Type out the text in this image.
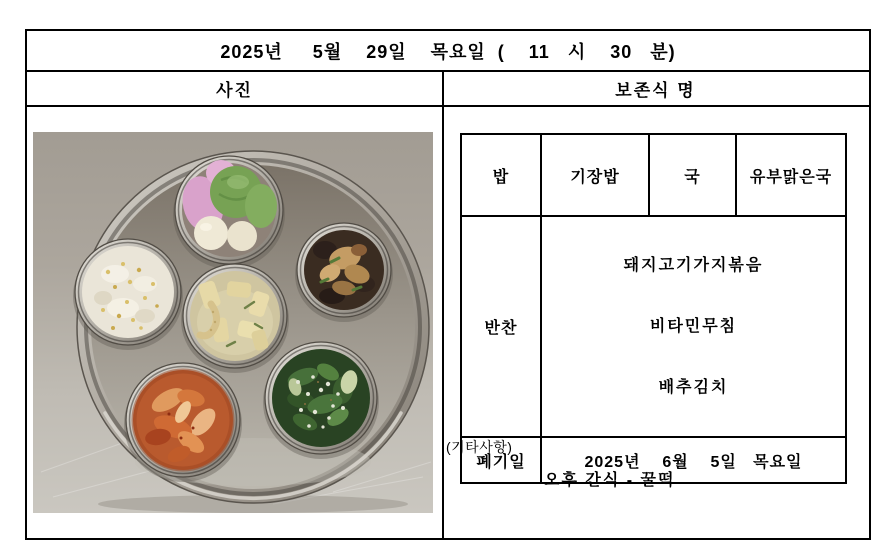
2025년     5월    29일    목요일  (    11   시    30   분)
사진	보존식 명
밥	기장밥	국	유부맑은국
반찬	돼지고기가지볶음

비타민무침

배추김치		

폐기일	2025년    6월    5일   목요일		
(기타사항)
오후 간식 - 꿀떡
